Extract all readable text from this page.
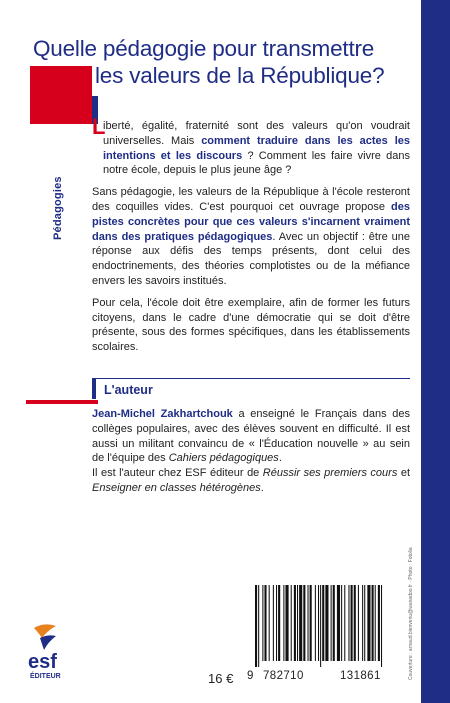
Quelle pédagogie pour transmettre
les valeurs de la République?
Pédagogies

L
iberté, égalité, fraternité sont des valeurs qu'on voudrait universelles. Mais comment traduire dans les actes les intentions et les discours ? Comment les faire vivre dans notre école, depuis le plus jeune âge ?

Sans pédagogie, les valeurs de la République à l'école resteront des coquilles vides. C'est pourquoi cet ouvrage propose des pistes concrètes pour que ces valeurs s'incarnent vraiment dans des pratiques pédagogiques. Avec un objectif : être une réponse aux défis des temps présents, dont celui des endoctrinements, des théories complotistes ou de la méfiance envers les savoirs institués.

Pour cela, l'école doit être exemplaire, afin de former les futurs citoyens, dans le cadre d'une démocratie qui se doit d'être présente, sous des formes spécifiques, dans les établissements scolaires.

L'auteur

Jean-Michel Zakhartchouk a enseigné le Français dans des collèges populaires, avec des élèves souvent en difficulté. Il est aussi un militant convaincu de « l'Éducation nouvelle » au sein de l'équipe des Cahiers pédagogiques.

Il est l'auteur chez ESF éditeur de Réussir ses premiers cours et Enseigner en classes hétérogènes.

Couverture : arnaud.bienvenu@wanadoo.fr · Photo : Fotolia
esf
ÉDITEUR	16 € 9 782710	131861
